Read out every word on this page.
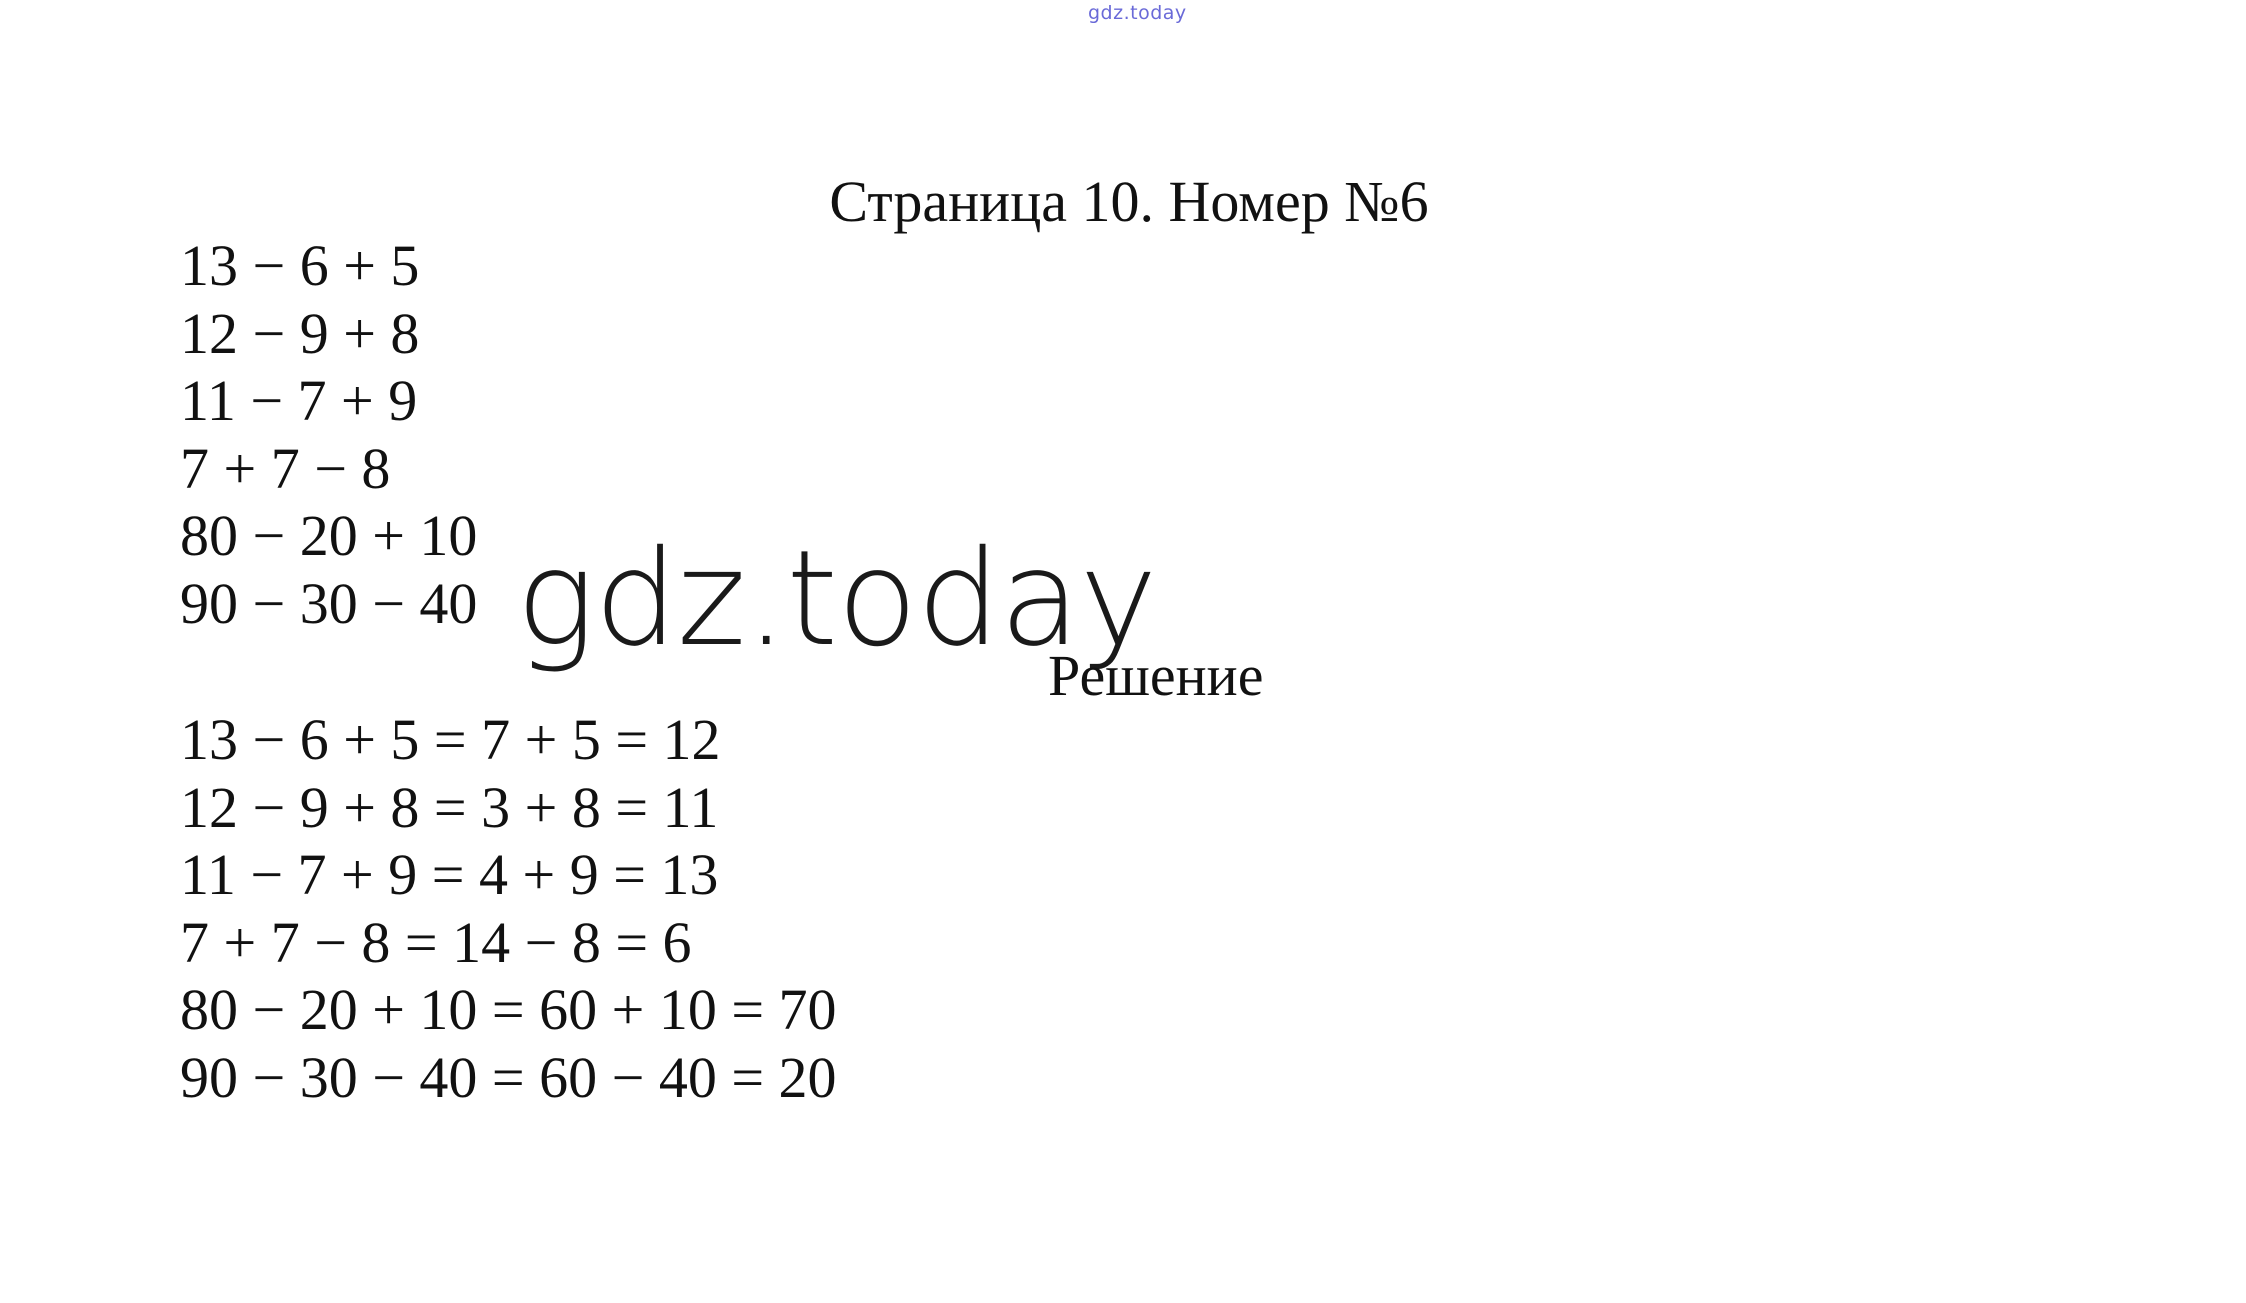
gdz.today
Страница 10. Номер №6
13 − 6 + 5
12 − 9 + 8
11 − 7 + 9
7 + 7 − 8
80 − 20 + 10
90 − 30 − 40 gdz.today
Решение
13 − 6 + 5 = 7 + 5 = 12
12 − 9 + 8 = 3 + 8 = 11
11 − 7 + 9 = 4 + 9 = 13
7 + 7 − 8 = 14 − 8 = 6
80 − 20 + 10 = 60 + 10 = 70
90 − 30 − 40 = 60 − 40 = 20
